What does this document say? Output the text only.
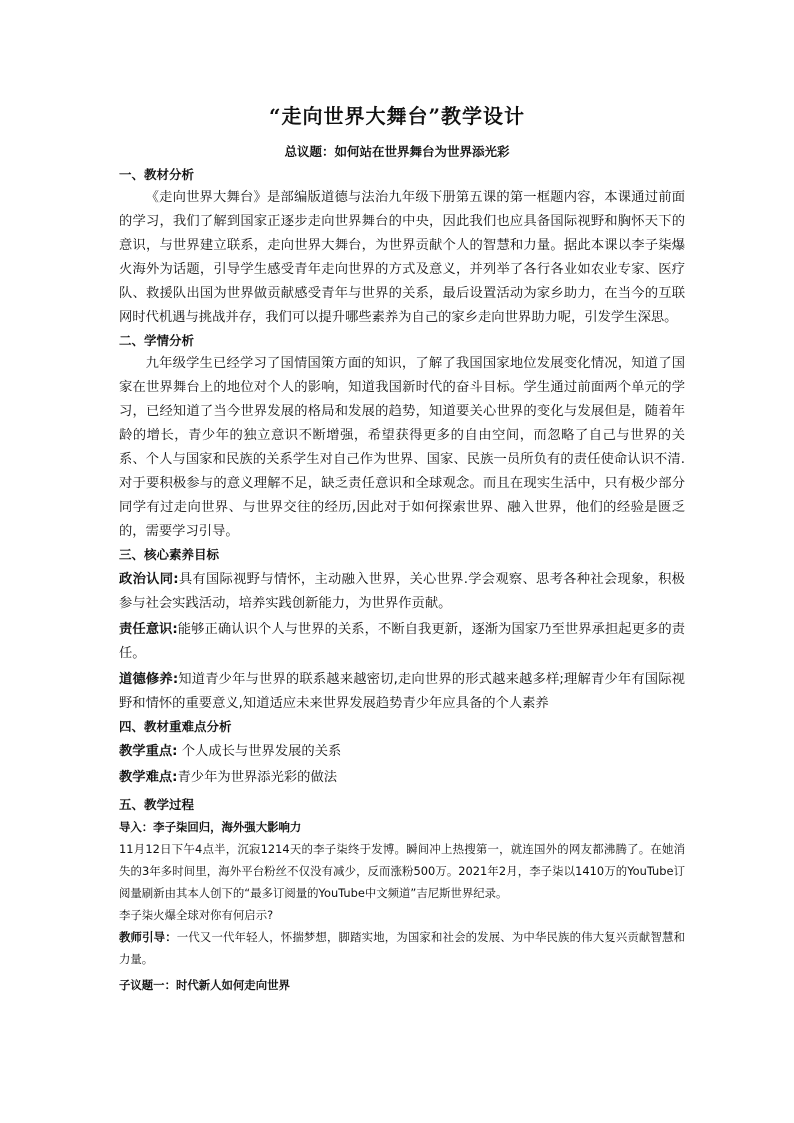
“走向世界大舞台”教学设计
总议题：如何站在世界舞台为世界添光彩
一、教材分析
《走向世界大舞台》是部编版道德与法治九年级下册第五课的第一框题内容，本课通过前面的学习，我们了解到国家正逐步走向世界舞台的中央，因此我们也应具备国际视野和胸怀天下的意识，与世界建立联系，走向世界大舞台，为世界贡献个人的智慧和力量。据此本课以李子柒爆火海外为话题，引导学生感受青年走向世界的方式及意义，并列举了各行各业如农业专家、医疗队、救援队出国为世界做贡献感受青年与世界的关系，最后设置活动为家乡助力，在当今的互联网时代机遇与挑战并存，我们可以提升哪些素养为自己的家乡走向世界助力呢，引发学生深思。
二、学情分析
九年级学生已经学习了国情国策方面的知识，了解了我国国家地位发展变化情况，知道了国家在世界舞台上的地位对个人的影响，知道我国新时代的奋斗目标。学生通过前面两个单元的学习，已经知道了当今世界发展的格局和发展的趋势，知道要关心世界的变化与发展但是，随着年龄的增长，青少年的独立意识不断增强，希望获得更多的自由空间，而忽略了自己与世界的关系、个人与国家和民族的关系学生对自己作为世界、国家、民族一员所负有的责任使命认识不清.对于要积极参与的意义理解不足，缺乏责任意识和全球观念。而且在现实生活中，只有极少部分同学有过走向世界、与世界交往的经历,因此对于如何探索世界、融入世界，他们的经验是匮乏的，需要学习引导。
三、核心素养目标
政治认同:具有国际视野与情怀，主动融入世界，关心世界.学会观察、思考各种社会现象，积极参与社会实践活动，培养实践创新能力，为世界作贡献。
责任意识:能够正确认识个人与世界的关系，不断自我更新，逐渐为国家乃至世界承担起更多的责任。
道德修养:知道青少年与世界的联系越来越密切,走向世界的形式越来越多样;理解青少年有国际视野和情怀的重要意义,知道适应未来世界发展趋势青少年应具备的个人素养
四、教材重难点分析
教学重点: 个人成长与世界发展的关系
教学难点:青少年为世界添光彩的做法
五、教学过程
导入：李子柒回归，海外强大影响力
11月12日下午4点半，沉寂1214天的李子柒终于发博。瞬间冲上热搜第一，就连国外的网友都沸腾了。在她消失的3年多时间里，海外平台粉丝不仅没有减少，反而涨粉500万。2021年2月，李子柒以1410万的YouTube订阅量刷新由其本人创下的“最多订阅量的YouTube中文频道”吉尼斯世界纪录。
李子柒火爆全球对你有何启示?
教师引导：一代又一代年轻人，怀揣梦想，脚踏实地，为国家和社会的发展、为中华民族的伟大复兴贡献智慧和力量。
子议题一：时代新人如何走向世界
